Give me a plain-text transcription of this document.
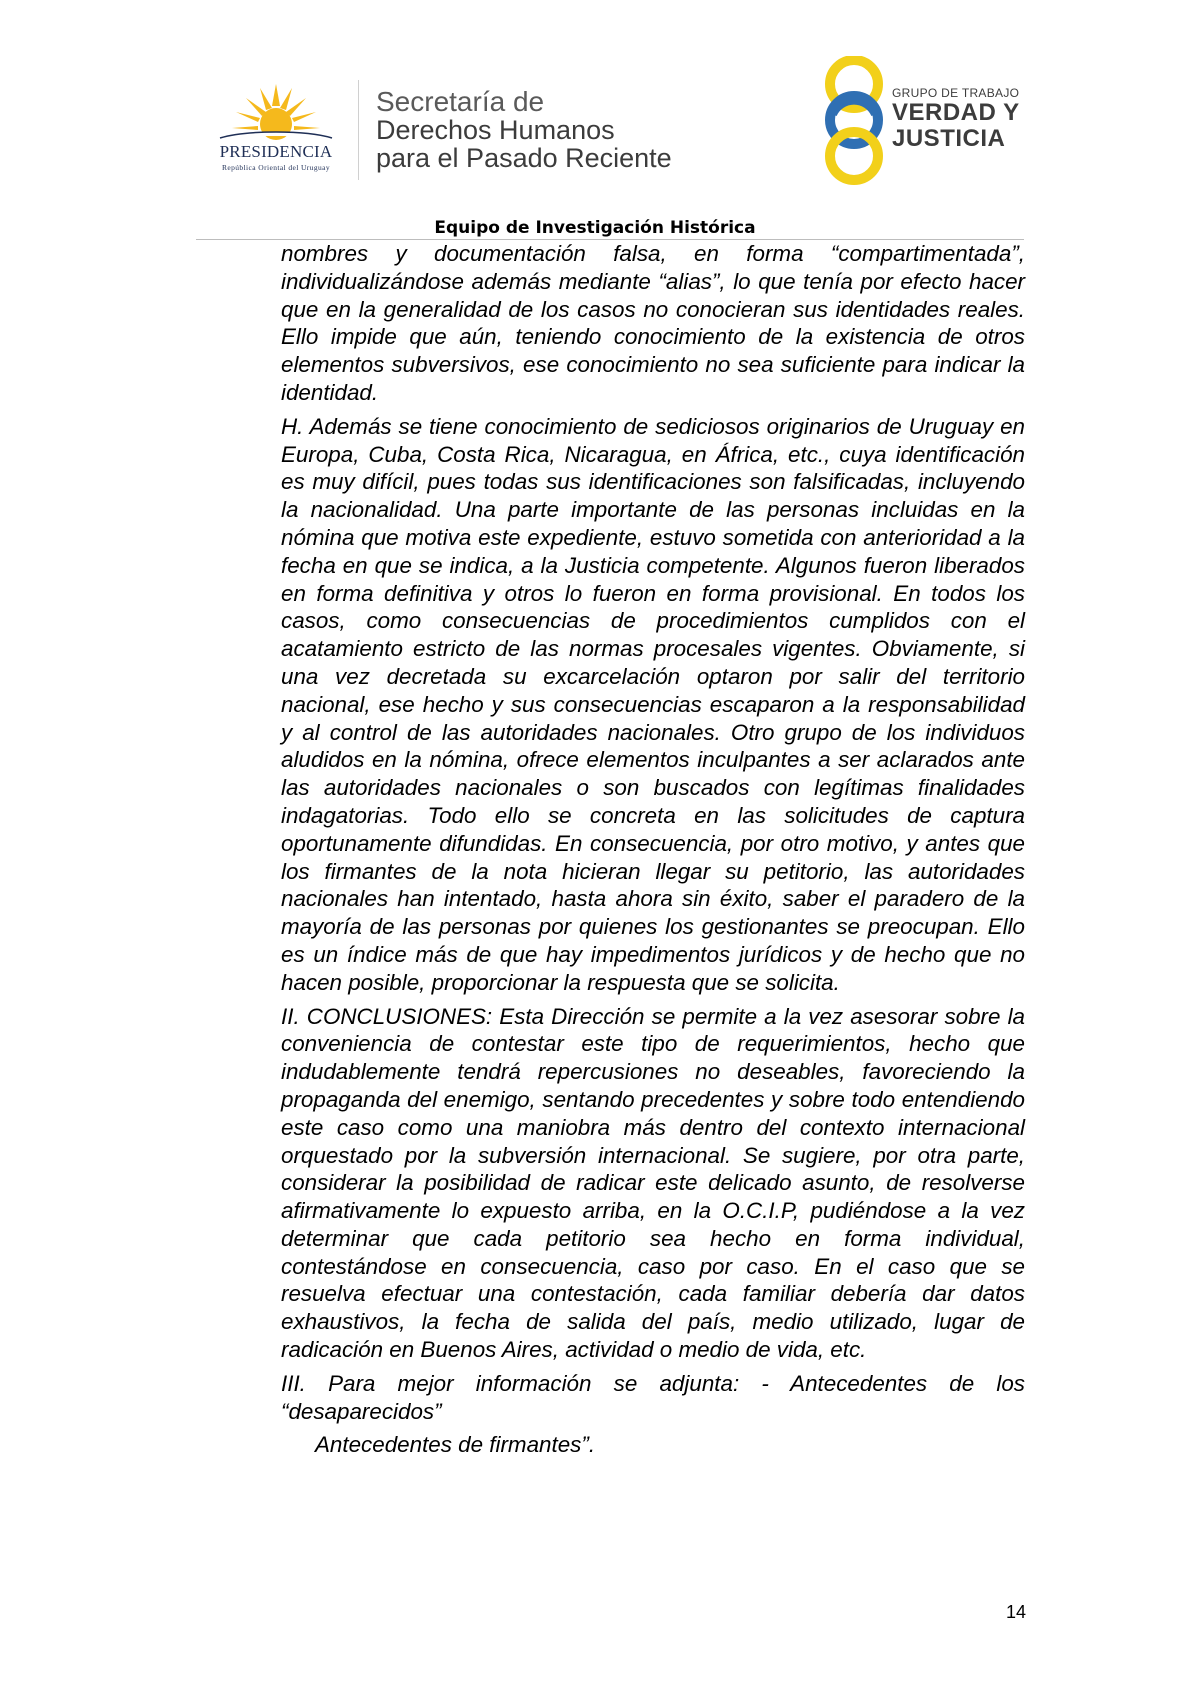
PRESIDENCIA
República Oriental del Uruguay
Secretaría de
Derechos Humanos
para el Pasado Reciente
GRUPO DE TRABAJO
VERDAD Y
JUSTICIA
Equipo de Investigación Histórica

nombres y documentación falsa, en forma “compartimentada”, individualizándose además mediante “alias”, lo que tenía por efecto hacer que en la generalidad de los casos no conocieran sus identidades reales. Ello impide que aún, teniendo conocimiento de la existencia de otros elementos subversivos, ese conocimiento no sea suficiente para indicar la identidad.

H. Además se tiene conocimiento de sediciosos originarios de Uruguay en Europa, Cuba, Costa Rica, Nicaragua, en África, etc., cuya identificación es muy difícil, pues todas sus identificaciones son falsificadas, incluyendo la nacionalidad. Una parte importante de las personas incluidas en la nómina que motiva este expediente, estuvo sometida con anterioridad a la fecha en que se indica, a la Justicia competente. Algunos fueron liberados en forma definitiva y otros lo fueron en forma provisional. En todos los casos, como consecuencias de procedimientos cumplidos con el acatamiento estricto de las normas procesales vigentes. Obviamente, si una vez decretada su excarcelación optaron por salir del territorio nacional, ese hecho y sus consecuencias escaparon a la responsabilidad y al control de las autoridades nacionales. Otro grupo de los individuos aludidos en la nómina, ofrece elementos inculpantes a ser aclarados ante las autoridades nacionales o son buscados con legítimas finalidades indagatorias. Todo ello se concreta en las solicitudes de captura oportunamente difundidas. En consecuencia, por otro motivo, y antes que los firmantes de la nota hicieran llegar su petitorio, las autoridades nacionales han intentado, hasta ahora sin éxito, saber el paradero de la mayoría de las personas por quienes los gestionantes se preocupan. Ello es un índice más de que hay impedimentos jurídicos y de hecho que no hacen posible, proporcionar la respuesta que se solicita.

II. CONCLUSIONES: Esta Dirección se permite a la vez asesorar sobre la conveniencia de contestar este tipo de requerimientos, hecho que indudablemente tendrá repercusiones no deseables, favoreciendo la propaganda del enemigo, sentando precedentes y sobre todo entendiendo este caso como una maniobra más dentro del contexto internacional orquestado por la subversión internacional. Se sugiere, por otra parte, considerar la posibilidad de radicar este delicado asunto, de resolverse afirmativamente lo expuesto arriba, en la O.C.I.P, pudiéndose a la vez determinar que cada petitorio sea hecho en forma individual, contestándose en consecuencia, caso por caso. En el caso que se resuelva efectuar una contestación, cada familiar debería dar datos exhaustivos, la fecha de salida del país, medio utilizado, lugar de radicación en Buenos Aires, actividad o medio de vida, etc.

III. Para mejor información se adjunta: - Antecedentes de los “desaparecidos”

Antecedentes de firmantes”.

14
